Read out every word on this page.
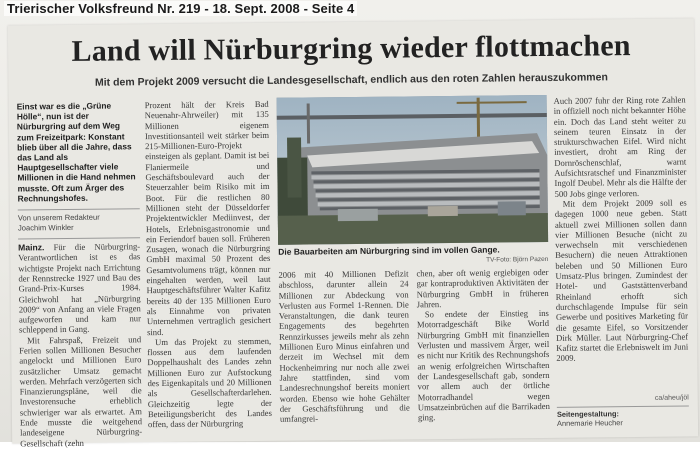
Trierischer Volksfreund Nr. 219 - 18. Sept. 2008 - Seite 4
Land will Nürburgring wieder flottmachen
Mit dem Projekt 2009 versucht die Landesgesellschaft, endlich aus den roten Zahlen herauszukommen

Einst war es die „Grüne Hölle“, nun ist der Nürburgring auf dem Weg zum Freizeitpark: Konstant blieb über all die Jahre, dass das Land als Hauptgesellschafter viele Millionen in die Hand nehmen musste. Oft zum Ärger des Rechnungshofes.

Von unserem Redakteur
Joachim Winkler

Mainz. Für die Nürburgring-Verantwortlichen ist es das wichtigste Projekt nach Errichtung der Rennstrecke 1927 und Bau des Grand-Prix-Kurses 1984. Gleichwohl hat „Nürburgring 2009“ von Anfang an viele Fragen aufgeworfen und kam nur schleppend in Gang.

Mit Fahrspaß, Freizeit und Ferien sollen Millionen Besucher angelockt und Millionen Euro zusätzlicher Umsatz gemacht werden. Mehrfach verzögerten sich Finanzierungspläne, weil die Investorensuche erheblich schwieriger war als erwartet. Am Ende musste die weitgehend landeseigene Nürburgring-Gesellschaft (zehn

Prozent hält der Kreis Bad Neuenahr-Ahrweiler) mit 135 Millionen eigenem Investitionsanteil weit stärker beim 215-Millionen-Euro-Projekt einsteigen als geplant. Damit ist bei Flaniermeile und Geschäftsboulevard auch der Steuerzahler beim Risiko mit im Boot. Für die restlichen 80 Millionen steht der Düsseldorfer Projektentwickler Mediinvest, der Hotels, Erlebnisgastronomie und ein Feriendorf bauen soll. Früheren Zusagen, wonach die Nürburgring GmbH maximal 50 Prozent des Gesamtvolumens trägt, können nur eingehalten werden, weil laut Hauptgeschäftsführer Walter Kafitz bereits 40 der 135 Millionen Euro als Einnahme von privaten Unternehmen vertraglich gesichert sind.

Um das Projekt zu stemmen, flossen aus dem laufenden Doppelhaushalt des Landes zehn Millionen Euro zur Aufstockung des Eigenkapitals und 20 Millionen als Gesellschafterdarlehen. Gleichzeitig legte der Beteiligungsbericht des Landes offen, dass der Nürburgring

Die Bauarbeiten am Nürburgring sind im vollen Gange.
TV-Foto: Björn Pazen

2006 mit 40 Millionen Defizit abschloss, darunter allein 24 Millionen zur Abdeckung von Verlusten aus Formel 1-Rennen. Die Veranstaltungen, die dank teuren Engagements des begehrten Rennzirkusses jeweils mehr als zehn Millionen Euro Minus einfahren und derzeit im Wechsel mit dem Hockenheimring nur noch alle zwei Jahre stattfinden, sind vom Landesrechnungshof bereits moniert worden. Ebenso wie hohe Gehälter der Geschäftsführung und die umfangrei-

chen, aber oft wenig ergiebigen oder gar kontraproduktiven Aktivitäten der Nürburgring GmbH in früheren Jahren.

So endete der Einstieg ins Motorradgeschäft Bike World Nürburgring GmbH mit finanziellen Verlusten und massivem Ärger, weil es nicht nur Kritik des Rechnungshofs an wenig erfolgreichen Wirtschaften der Landesgesellschaft gab, sondern vor allem auch der örtliche Motorradhandel wegen Umsatzeinbrüchen auf die Barrikaden ging.

Auch 2007 fuhr der Ring rote Zahlen in offiziell noch nicht bekannter Höhe ein. Doch das Land steht weiter zu seinem teuren Einsatz in der strukturschwachen Eifel. Wird nicht investiert, droht am Ring der Dornröschenschlaf, warnt Aufsichtsratschef und Finanzminister Ingolf Deubel. Mehr als die Hälfte der 500 Jobs ginge verloren.

Mit dem Projekt 2009 soll es dagegen 1000 neue geben. Statt aktuell zwei Millionen sollen dann vier Millionen Besuche (nicht zu verwechseln mit verschiedenen Besuchern) die neuen Attraktionen beleben und 50 Millionen Euro Umsatz-Plus bringen. Zumindest der Hotel- und Gaststättenverband Rheinland erhofft sich durchschlagende Impulse für sein Gewerbe und positives Marketing für die gesamte Eifel, so Vorsitzender Dirk Müller. Laut Nürburgring-Chef Kafitz startet die Erlebniswelt im Juni 2009.

ca/aheu/jöl
Seitengestaltung:
Annemarie Heucher
